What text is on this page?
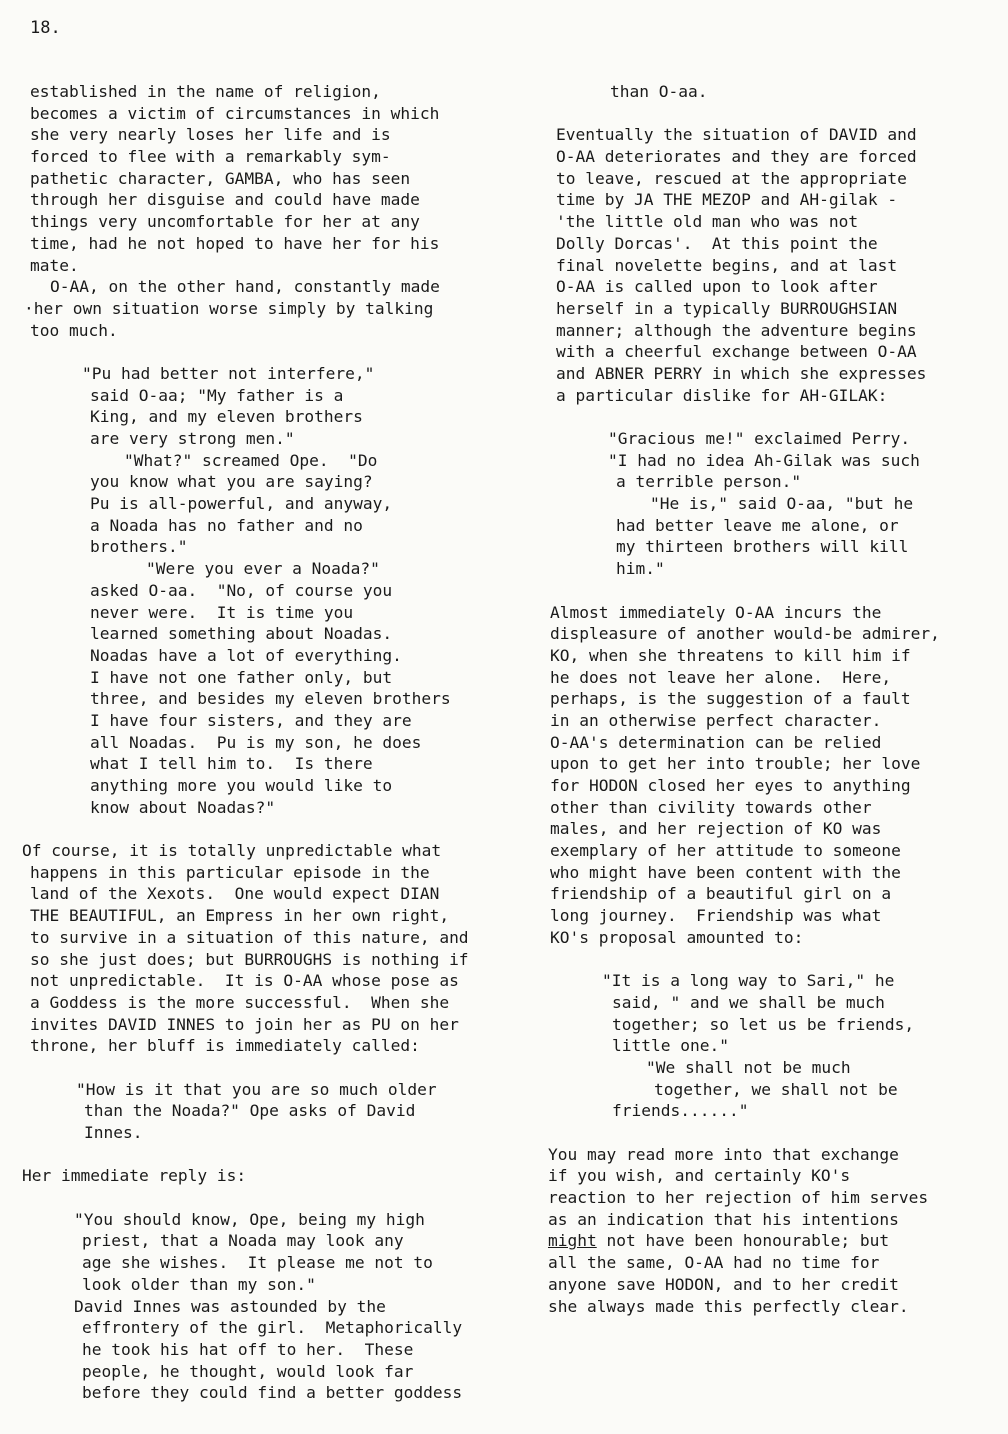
18.
established in the name of religion,
becomes a victim of circumstances in which
she very nearly loses her life and is
forced to flee with a remarkably sym-
pathetic character, GAMBA, who has seen
through her disguise and could have made
things very uncomfortable for her at any
time, had he not hoped to have her for his
mate.
O-AA, on the other hand, constantly made
·her own situation worse simply by talking
too much.
"Pu had better not interfere,"
said O-aa; "My father is a
King, and my eleven brothers
are very strong men."
"What?" screamed Ope.  "Do
you know what you are saying?
Pu is all-powerful, and anyway,
a Noada has no father and no
brothers."
"Were you ever a Noada?"
asked O-aa.  "No, of course you
never were.  It is time you
learned something about Noadas.
Noadas have a lot of everything.
I have not one father only, but
three, and besides my eleven brothers
I have four sisters, and they are
all Noadas.  Pu is my son, he does
what I tell him to.  Is there
anything more you would like to
know about Noadas?"
Of course, it is totally unpredictable what
happens in this particular episode in the
land of the Xexots.  One would expect DIAN
THE BEAUTIFUL, an Empress in her own right,
to survive in a situation of this nature, and
so she just does; but BURROUGHS is nothing if
not unpredictable.  It is O-AA whose pose as
a Goddess is the more successful.  When she
invites DAVID INNES to join her as PU on her
throne, her bluff is immediately called:
"How is it that you are so much older
than the Noada?" Ope asks of David
Innes.
Her immediate reply is:
"You should know, Ope, being my high
priest, that a Noada may look any
age she wishes.  It please me not to
look older than my son."
David Innes was astounded by the
effrontery of the girl.  Metaphorically
he took his hat off to her.  These
people, he thought, would look far
before they could find a better goddess
than O-aa.
Eventually the situation of DAVID and
O-AA deteriorates and they are forced
to leave, rescued at the appropriate
time by JA THE MEZOP and AH-gilak -
'the little old man who was not
Dolly Dorcas'.  At this point the
final novelette begins, and at last
O-AA is called upon to look after
herself in a typically BURROUGHSIAN
manner; although the adventure begins
with a cheerful exchange between O-AA
and ABNER PERRY in which she expresses
a particular dislike for AH-GILAK:
"Gracious me!" exclaimed Perry.
"I had no idea Ah-Gilak was such
a terrible person."
"He is," said O-aa, "but he
had better leave me alone, or
my thirteen brothers will kill
him."
Almost immediately O-AA incurs the
displeasure of another would-be admirer,
KO, when she threatens to kill him if
he does not leave her alone.  Here,
perhaps, is the suggestion of a fault
in an otherwise perfect character.
O-AA's determination can be relied
upon to get her into trouble; her love
for HODON closed her eyes to anything
other than civility towards other
males, and her rejection of KO was
exemplary of her attitude to someone
who might have been content with the
friendship of a beautiful girl on a
long journey.  Friendship was what
KO's proposal amounted to:
"It is a long way to Sari," he
said, " and we shall be much
together; so let us be friends,
little one."
"We shall not be much
together, we shall not be
friends......"
You may read more into that exchange
if you wish, and certainly KO's
reaction to her rejection of him serves
as an indication that his intentions
might not have been honourable; but
all the same, O-AA had no time for
anyone save HODON, and to her credit
she always made this perfectly clear.
